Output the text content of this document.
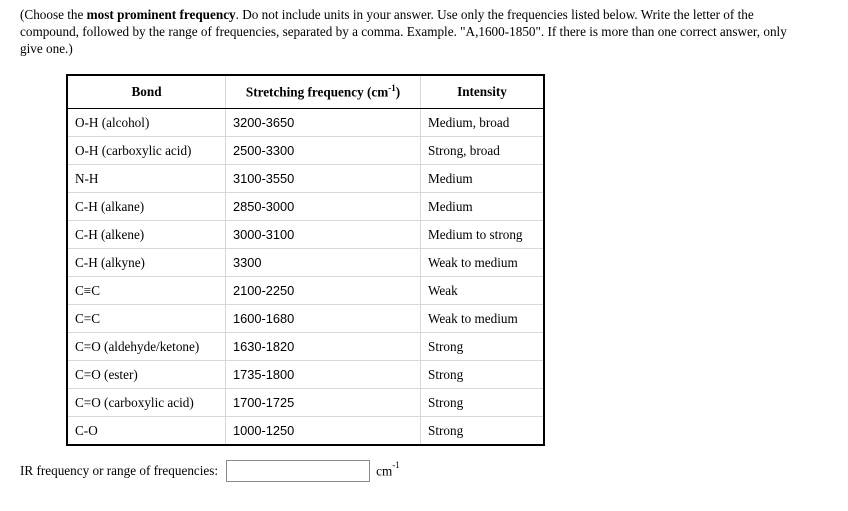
(Choose the most prominent frequency. Do not include units in your answer. Use only the frequencies listed below. Write the letter of the compound, followed by the range of frequencies, separated by a comma. Example. "A,1600-1850". If there is more than one correct answer, only give one.)
Bond	Stretching frequency $(cm^{-1})$	Intensity
O-H (alcohol)	3200-3650	Medium, broad
O-H (carboxylic acid)	2500-3300	Strong, broad
N-H	3100-3550	Medium
C-H (alkane)	2850-3000	Medium
C-H (alkene)	3000-3100	Medium to strong
C-H (alkyne)	3300	Weak to medium
C≡C	2100-2250	Weak
C=C	1600-1680	Weak to medium
C=O (aldehyde/ketone)	1630-1820	Strong
C=O (ester)	1735-1800	Strong
C=O (carboxylic acid)	1700-1725	Strong
C-O	1000-1250	Strong
IR frequency or range of frequencies:	$cm^{-1}$
